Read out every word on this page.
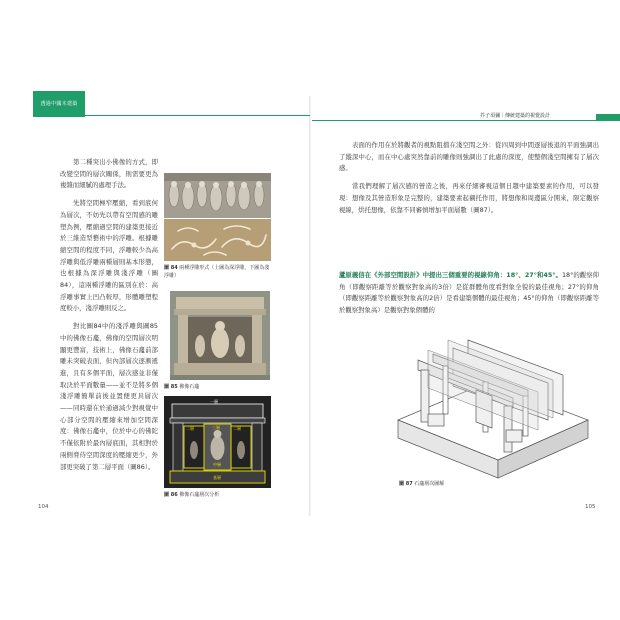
透過中國木建築
芥子須彌｜傳統建築的視覺設計

第二種突出小佛像的方式，即改變空間的層次關係，則需要更為複雜而細膩的處理手法。

先將空間極窄壓縮，看到底何為層次，不妨先以帶有空間感的雕塑為例，壓縮過空間的建築更接近於三維造型藝術中的浮雕。根據雕縮空間的程度不同，浮雕較少為高浮雕與低浮雕兩種層則基本形態，也根據為深浮雕與淺浮雕（圖84），這兩種浮雕的區別在於：高浮雕事實上凹凸較厚，形體雕塑程度較小，淺浮雕則反之。

對比圖84中的淺浮雕與圖85中的佛像石龕，佛像的空間層次明顯更豐富，技術上，佛像石龕前部雕未突破表面，但內部層次逐漸遞進，且有多個平面，層次感並非僅取決於平面數量——並不是將多個淺浮雕簡單前後並置便更具層次——同時還在於通過減少對視覺中心部分空間的壓縮來增加空間深度：佛像石龕中，位於中心的佛陀不僅依附於最內層底面，其相對於兩側脅侍空間深度的壓縮更少，外部更突破了第二層平面（圖86）。

圖 84 兩種浮雕形式（上圖為深浮雕，下圖為淺浮雕）
圖 85 佛像石龕
一層
二層	二層
三層
中層
基層
圖 86 佛像石龕層次分析

表面的作用在於將觀者的視點阻擋在淺空間之外：從四周到中間逐層後退的平面強調出了縱深中心，而在中心處突然靠前的雕像則強調出了此處的深度，使整個淺空間擁有了層次感。

當我們理解了層次感的營造之後，再來仔細審視這個日趨中建築要素的作用，可以發現：想像及其營造形象是完整的，建築要素起襯托作用，將想像和周邊區分開來，限定觀察視線，烘托想像，依靠不同審慎增加平面層數（圖87）。

蘆原義信在《外部空間設計》中提出三個重要的視線仰角：18°、27°和45°。18°的觀察仰角（即觀察距離等於觀察對象高的3倍）是從群體角度看對象全貌的最佳視角；27°的仰角（即觀察距離等於觀察對象高的2倍）是看建築個體的最佳視角；45°的仰角（即觀察距離等於觀察對象高）是觀察對象個體的
圖 87 石龕層次圖解
104	105
